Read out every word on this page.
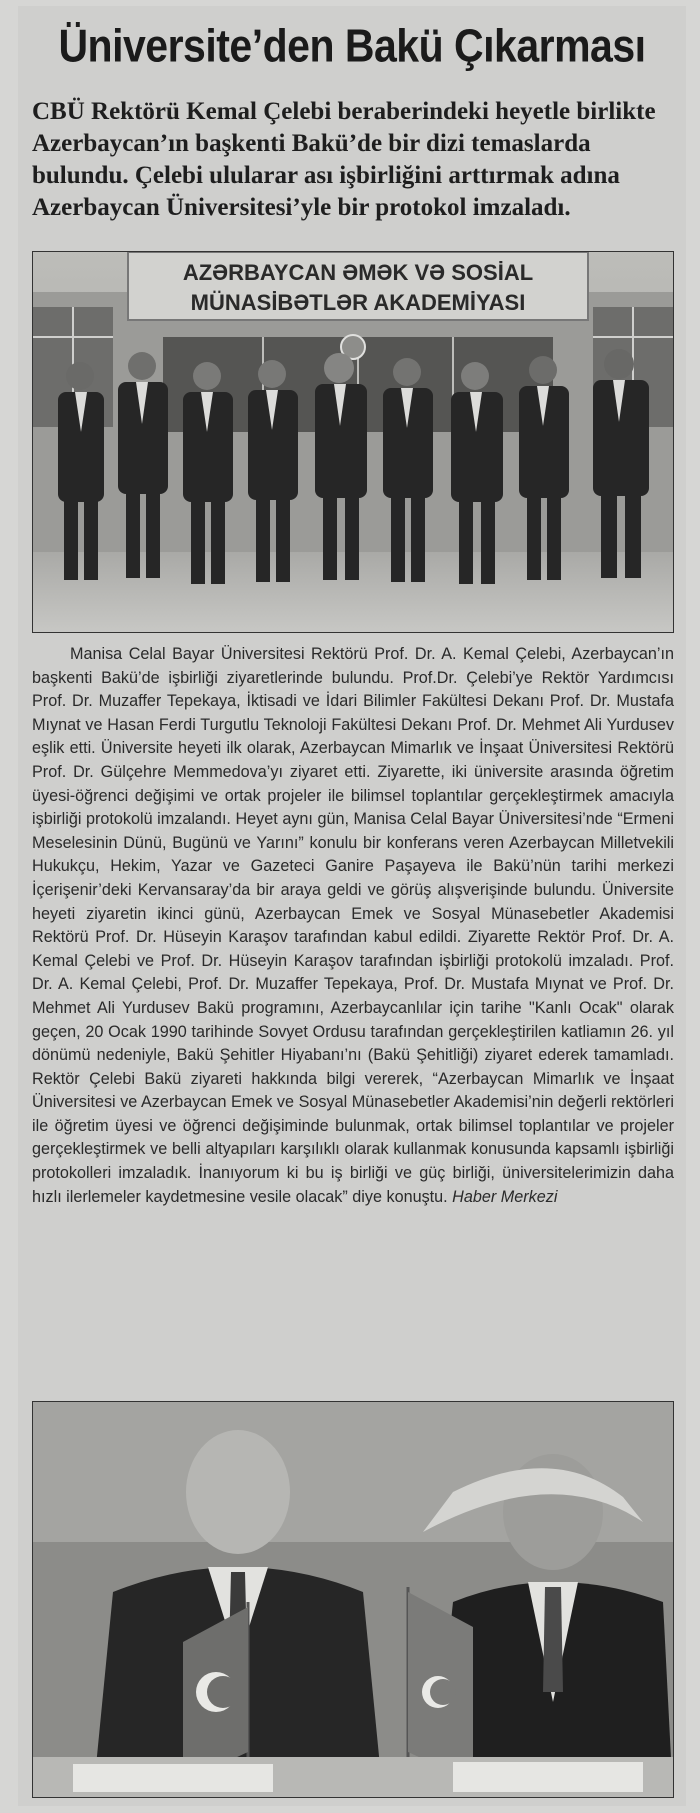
Üniversite’den Bakü Çıkarması
CBÜ Rektörü Kemal Çelebi beraberindeki heyetle birlikte Azerbaycan’ın başkenti Bakü’de bir dizi temaslarda bulundu. Çelebi ulularar ası işbirliğini arttırmak adına Azerbaycan Üniversitesi’yle bir protokol imzaladı.
AZƏRBAYCAN ƏMƏK VƏ SOSİAL
MÜNASİBƏTLƏR AKADEMİYASI

Manisa Celal Bayar Üniversitesi Rektörü Prof. Dr. A. Kemal Çelebi, Azerbaycan’ın başkenti Bakü’de işbirliği ziyaretlerinde bulundu. Prof.Dr. Çelebi’ye Rektör Yardımcısı Prof. Dr. Muzaffer Tepekaya, İktisadi ve İdari Bilimler Fakültesi Dekanı Prof. Dr. Mustafa Mıynat ve Hasan Ferdi Turgutlu Teknoloji Fakültesi Dekanı Prof. Dr. Mehmet Ali Yurdusev eşlik etti. Üniversite heyeti ilk olarak, Azerbaycan Mimarlık ve İnşaat Üniversitesi Rektörü Prof. Dr. Gülçehre Memmedova’yı ziyaret etti. Ziyarette, iki üniversite arasında öğretim üyesi-öğrenci değişimi ve ortak projeler ile bilimsel toplantılar gerçekleştirmek amacıyla işbirliği protokolü imzalandı. Heyet aynı gün, Manisa Celal Bayar Üniversitesi’nde “Ermeni Meselesinin Dünü, Bugünü ve Yarını” konulu bir konferans veren Azerbaycan Milletvekili Hukukçu, Hekim, Yazar ve Gazeteci Ganire Paşayeva ile Bakü’nün tarihi merkezi İçerişenir’deki Kervansaray’da bir araya geldi ve görüş alışverişinde bulundu. Üniversite heyeti ziyaretin ikinci günü, Azerbaycan Emek ve Sosyal Münasebetler Akademisi Rektörü Prof. Dr. Hüseyin Karaşov tarafından kabul edildi. Ziyarette Rektör Prof. Dr. A. Kemal Çelebi ve Prof. Dr. Hüseyin Karaşov tarafından işbirliği protokolü imzaladı. Prof. Dr. A. Kemal Çelebi, Prof. Dr. Muzaffer Tepekaya, Prof. Dr. Mustafa Mıynat ve Prof. Dr. Mehmet Ali Yurdusev Bakü programını, Azerbaycanlılar için tarihe "Kanlı Ocak" olarak geçen, 20 Ocak 1990 tarihinde Sovyet Ordusu tarafından gerçekleştirilen katliamın 26. yıl dönümü nedeniyle, Bakü Şehitler Hiyabanı’nı (Bakü Şehitliği) ziyaret ederek tamamladı. Rektör Çelebi Bakü ziyareti hakkında bilgi vererek, “Azerbaycan Mimarlık ve İnşaat Üniversitesi ve Azerbaycan Emek ve Sosyal Münasebetler Akademisi’nin değerli rektörleri ile öğretim üyesi ve öğrenci değişiminde bulunmak, ortak bilimsel toplantılar ve projeler gerçekleştirmek ve belli altyapıları karşılıklı olarak kullanmak konusunda kapsamlı işbirliği protokolleri imzaladık. İnanıyorum ki bu iş birliği ve güç birliği, üniversitelerimizin daha hızlı ilerlemeler kaydetmesine vesile olacak” diye konuştu. Haber Merkezi
